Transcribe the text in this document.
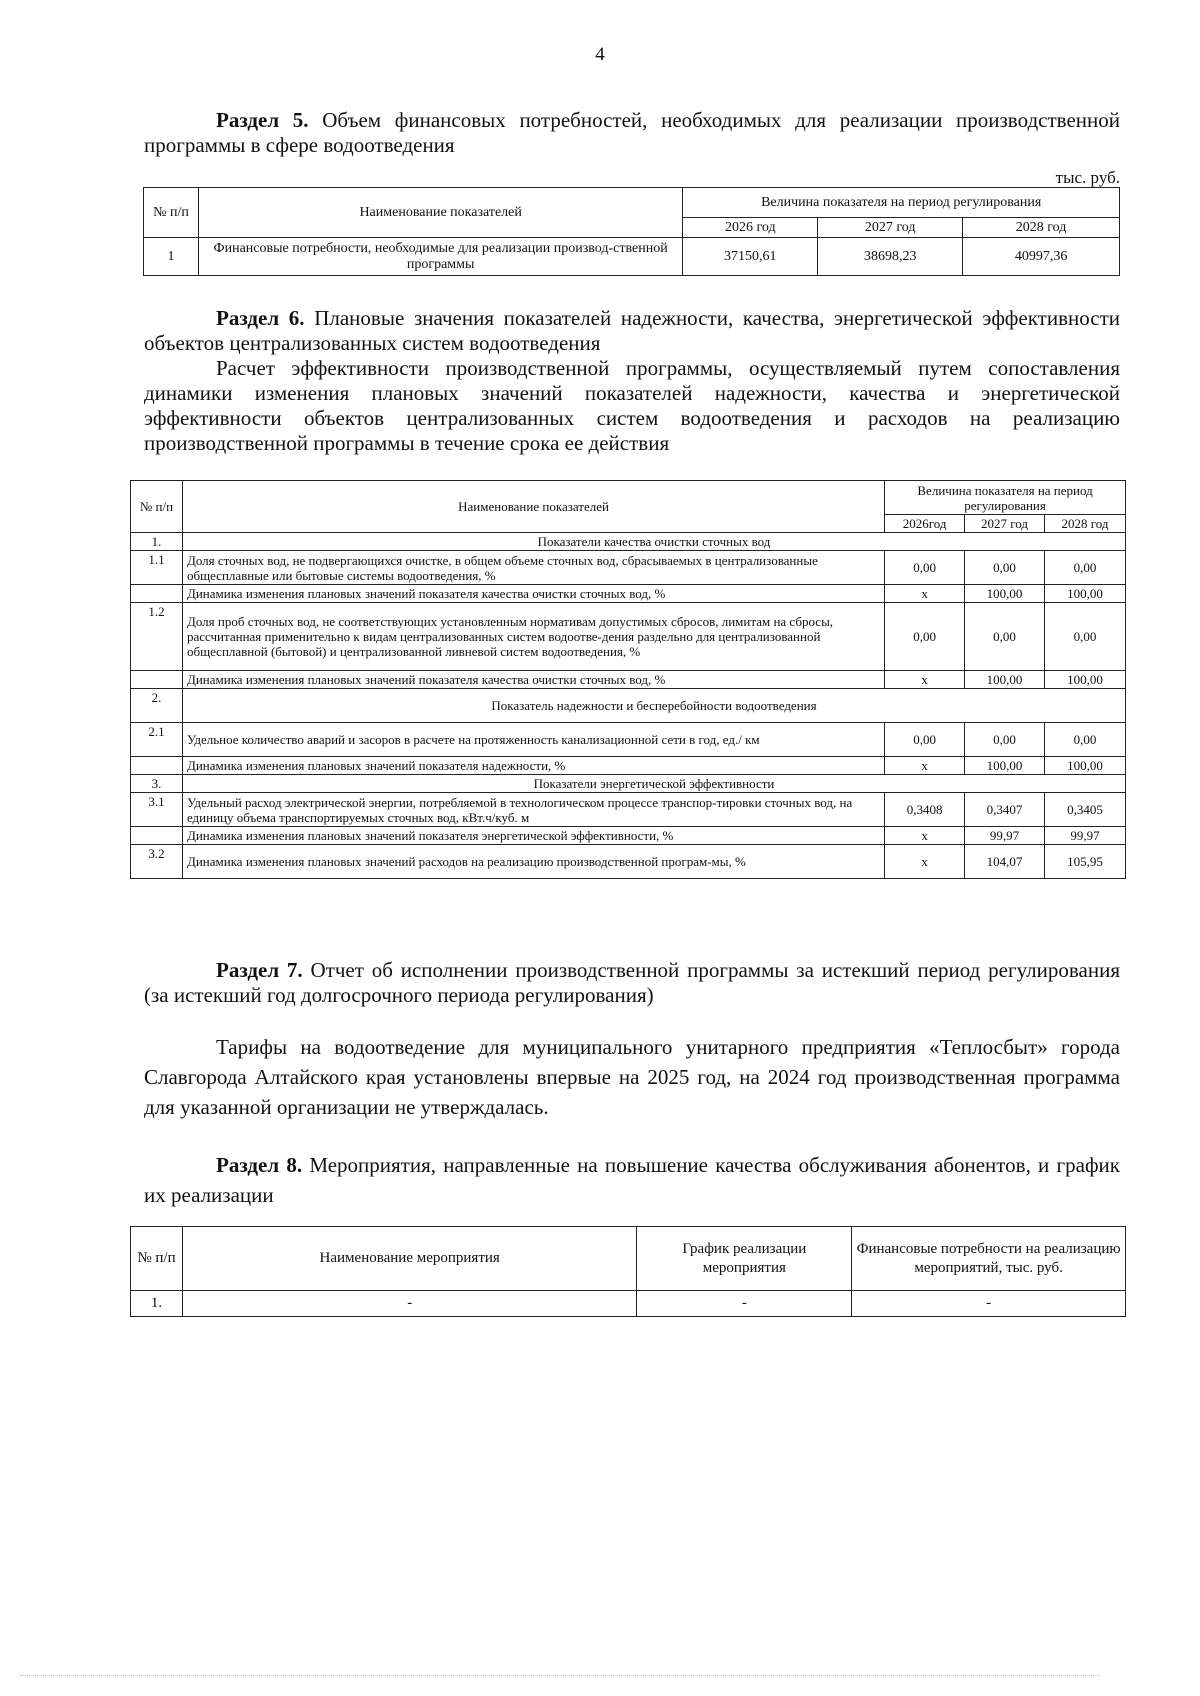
4
Раздел 5. Объем финансовых потребностей, необходимых для реализации производственной программы в сфере водоотведения
тыс. руб.
№ п/п	Наименование показателей	Величина показателя на период регулирования		
		2026 год	2027 год	2028 год
1	Финансовые потребности, необходимые для реализации производ-ственной программы	37150,61	38698,23	40997,36
Раздел 6. Плановые значения показателей надежности, качества, энергетической эффективности объектов централизованных систем водоотведения
Расчет эффективности производственной программы, осуществляемый путем сопоставления динамики изменения плановых значений показателей надежности, качества и энергетической эффективности объектов централизованных систем водоотведения и расходов на реализацию производственной программы в течение срока ее действия
№ п/п	Наименование показателей	Величина показателя на период регулирования		
		2026год	2027 год	2028 год
1.	Показатели качества очистки сточных вод			
1.1	Доля сточных вод, не подвергающихся очистке, в общем объеме сточных вод, сбрасываемых в централизованные общесплавные или бытовые системы водоотведения, %	0,00	0,00	0,00
	Динамика изменения плановых значений показателя качества очистки сточных вод, %	х	100,00	100,00
1.2	Доля проб сточных вод, не соответствующих установленным нормативам допустимых сбросов, лимитам на сбросы, рассчитанная применительно к видам централизованных систем водоотве-дения раздельно для централизованной общесплавной (бытовой) и централизованной ливневой систем водоотведения, %	0,00	0,00	0,00
	Динамика изменения плановых значений показателя качества очистки сточных вод, %	х	100,00	100,00
2.	Показатель надежности и бесперебойности водоотведения			
2.1	Удельное количество аварий и засоров в расчете на протяженность канализационной сети в год, ед./ км	0,00	0,00	0,00
	Динамика изменения плановых значений показателя надежности, %	х	100,00	100,00
3.	Показатели энергетической эффективности			
3.1	Удельный расход электрической энергии, потребляемой в технологическом процессе транспор-тировки сточных вод, на единицу объема транспортируемых сточных вод, кВт.ч/куб. м	0,3408	0,3407	0,3405
	Динамика изменения плановых значений показателя энергетической эффективности, %	х	99,97	99,97
3.2	Динамика изменения плановых значений расходов на реализацию производственной програм-мы, %	х	104,07	105,95
Раздел 7. Отчет об исполнении производственной программы за истекший период регулирования (за истекший год долгосрочного периода регулирования)
Тарифы на водоотведение для муниципального унитарного предприятия «Теплосбыт» города Славгорода Алтайского края установлены впервые на 2025 год, на 2024 год производственная программа для указанной организации не утверждалась.
Раздел 8. Мероприятия, направленные на повышение качества обслуживания абонентов, и график их реализации
№ п/п	Наименование мероприятия	График реализации мероприятия	Финансовые потребности на реализацию мероприятий, тыс. руб.
1.	-	-	-
